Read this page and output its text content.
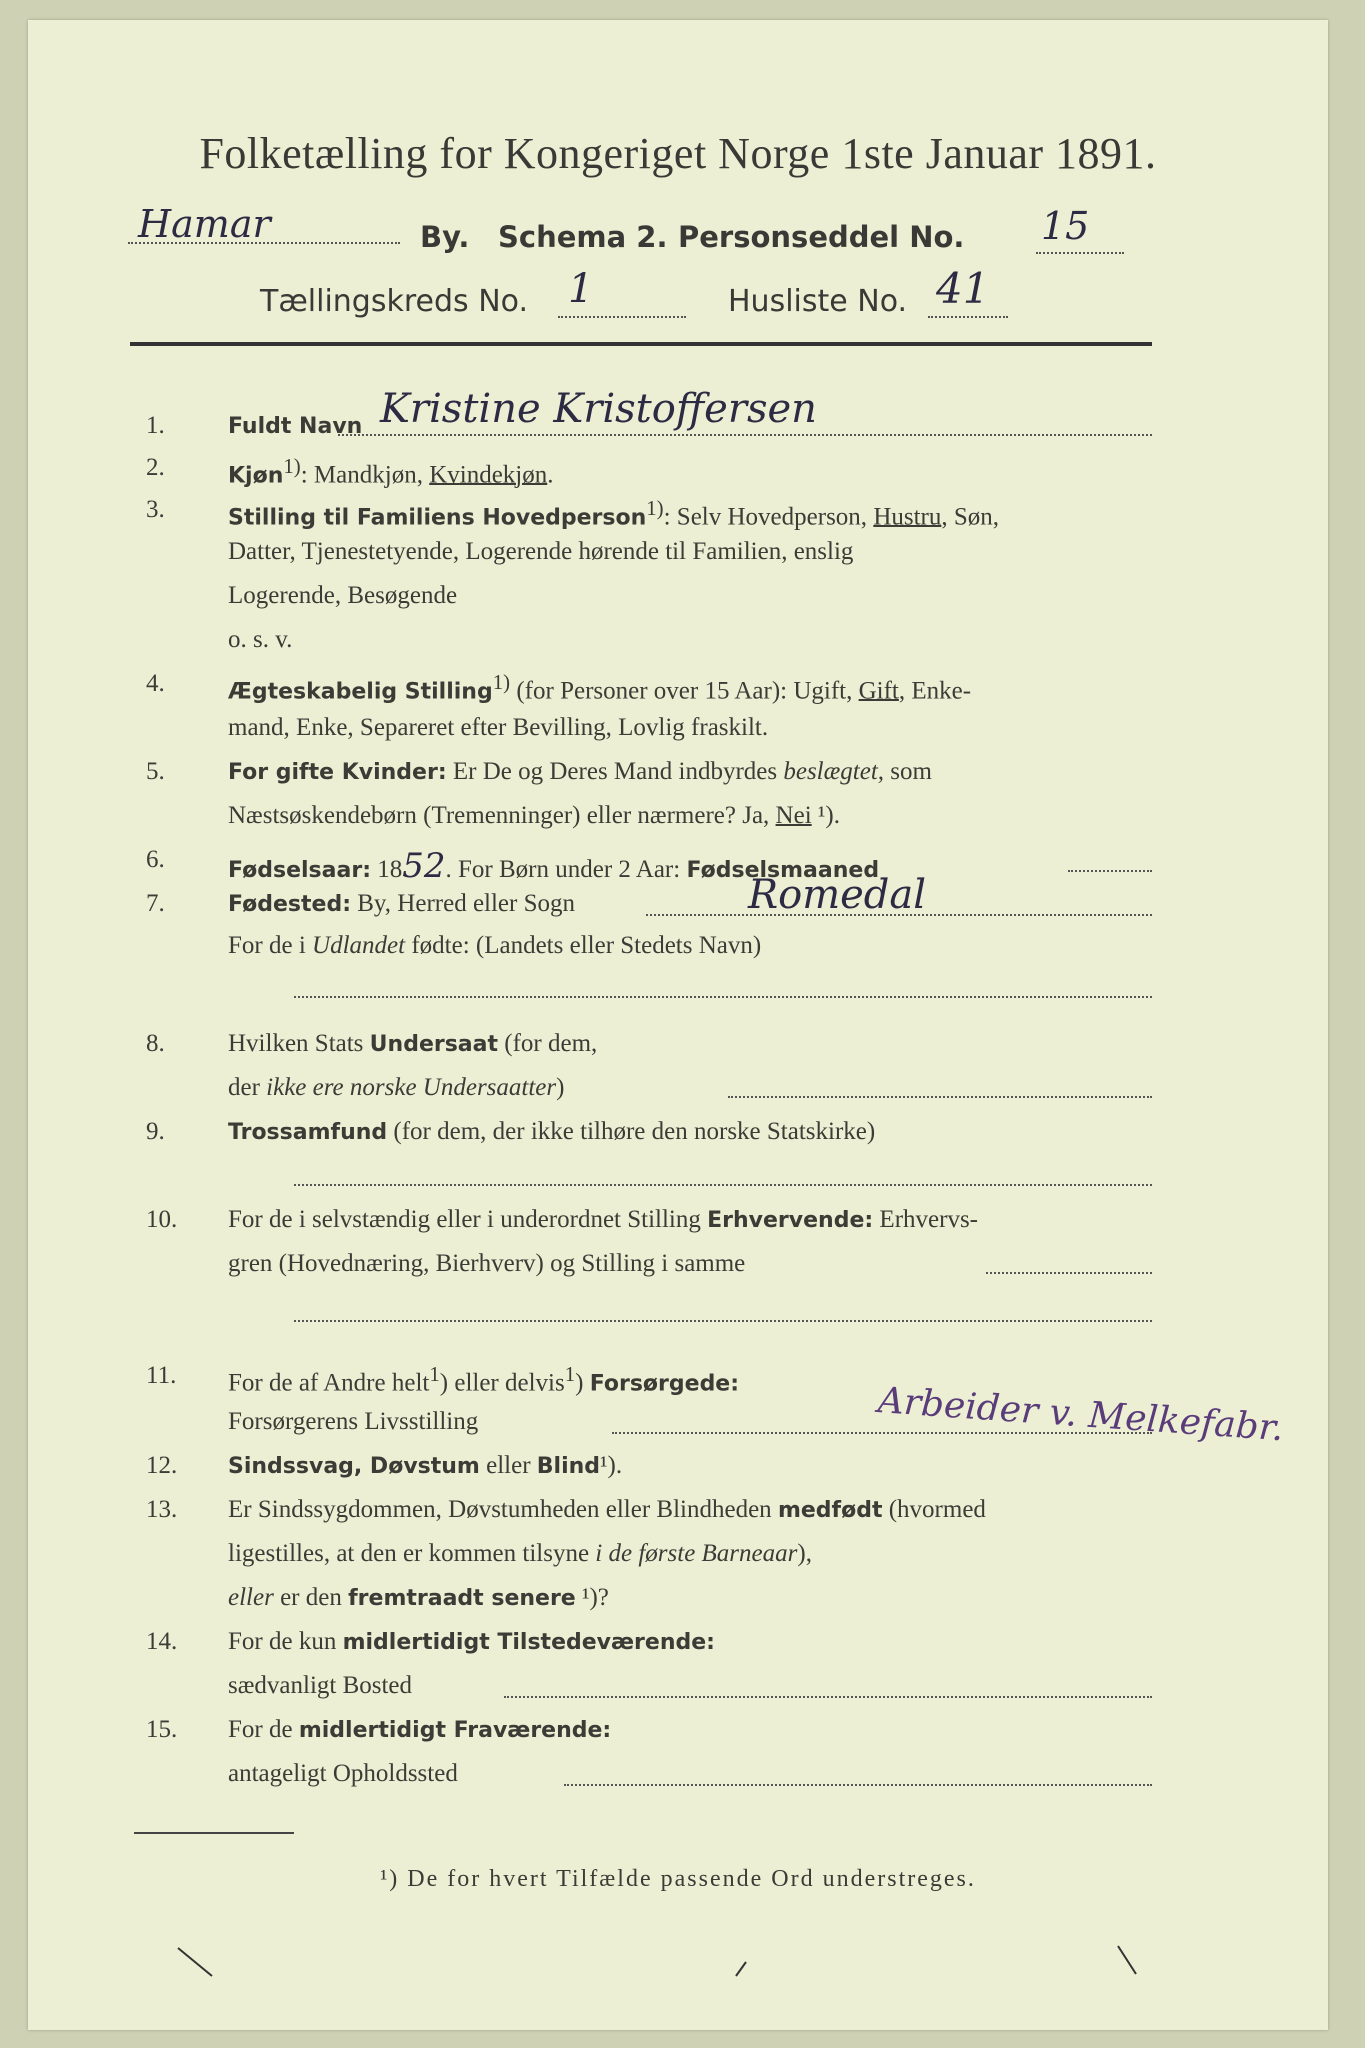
Folketælling for Kongeriget Norge 1ste Januar 1891.
Hamar	By. Schema 2. Personseddel No. 15
Tællingskreds No. 1	Husliste No. 41
1.	Fuldt Navn Kristine Kristoffersen
2.	Kjøn$^{1)}$: Mandkjøn, Kvindekjøn.
3.	Stilling til Familiens Hovedperson$^{1)}$: Selv Hovedperson, Hustru, Søn,
Datter, Tjenestetyende, Logerende hørende til Familien, enslig
Logerende, Besøgende
o. s. v.
4.	Ægteskabelig Stilling$^{1)}$ (for Personer over 15 Aar): Ugift, Gift, Enke-
mand, Enke, Separeret efter Bevilling, Lovlig fraskilt.
5.	For gifte Kvinder: Er De og Deres Mand indbyrdes beslægtet, som
Næstsøskendebørn (Tremenninger) eller nærmere? Ja, Nei ¹).
6.	Fødselsaar: 1852. For Børn under 2 Aar: Fødselsmaaned
7.	Fødested: By, Herred eller Sogn	Romedal
For de i Udlandet fødte: (Landets eller Stedets Navn)
8.	Hvilken Stats Undersaat (for dem,
der ikke ere norske Undersaatter)
9.	Trossamfund (for dem, der ikke tilhøre den norske Statskirke)
10. For de i selvstændig eller i underordnet Stilling Erhvervende: Erhvervs-
gren (Hovednæring, Bierhverv) og Stilling i samme
11. For de af Andre helt$^1$) eller delvis$^1$) Forsørgede:	Arbeider v. Melkefabr.
Forsørgerens Livsstilling
12. Sindssvag, Døvstum eller Blind¹).
13. Er Sindssygdommen, Døvstumheden eller Blindheden medfødt (hvormed
ligestilles, at den er kommen tilsyne i de første Barneaar),
eller er den fremtraadt senere ¹)?
14. For de kun midlertidigt Tilstedeværende:
sædvanligt Bosted
15. For de midlertidigt Fraværende:
antageligt Opholdssted
¹) De for hvert Tilfælde passende Ord understreges.
